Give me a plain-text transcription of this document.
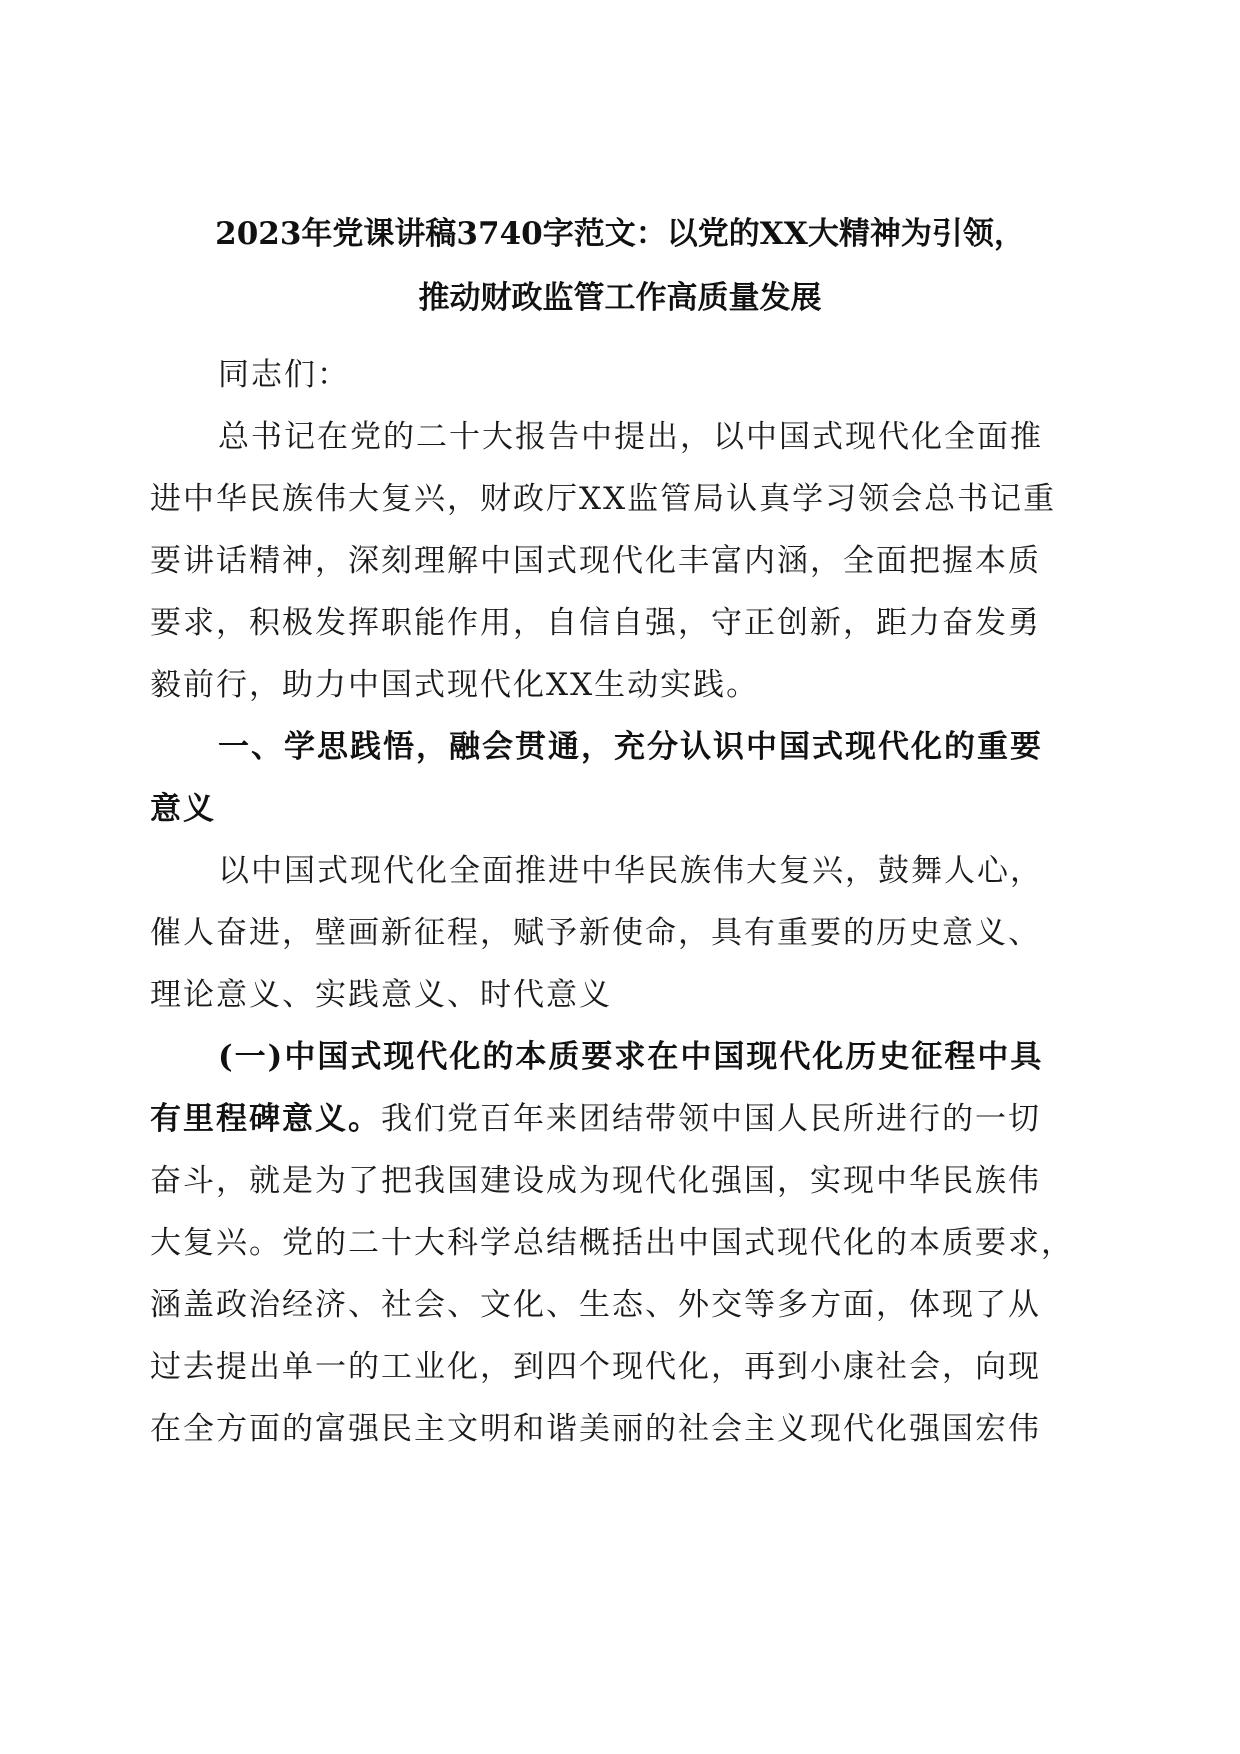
2023年党课讲稿3740字范文：以党的XX大精神为引领，
推动财政监管工作高质量发展
同志们：
总书记在党的二十大报告中提出，以中国式现代化全面推
进中华民族伟大复兴，财政厅XX监管局认真学习领会总书记重
要讲话精神，深刻理解中国式现代化丰富内涵，全面把握本质
要求，积极发挥职能作用，自信自强，守正创新，距力奋发勇
毅前行，助力中国式现代化XX生动实践。
一、学思践悟，融会贯通，充分认识中国式现代化的重要
意义
以中国式现代化全面推进中华民族伟大复兴，鼓舞人心，
催人奋进，壁画新征程，赋予新使命，具有重要的历史意义、
理论意义、实践意义、时代意义
(一)中国式现代化的本质要求在中国现代化历史征程中具
有里程碑意义。我们党百年来团结带领中国人民所进行的一切
奋斗，就是为了把我国建设成为现代化强国，实现中华民族伟
大复兴。党的二十大科学总结概括出中国式现代化的本质要求，
涵盖政治经济、社会、文化、生态、外交等多方面，体现了从
过去提出单一的工业化，到四个现代化，再到小康社会，向现
在全方面的富强民主文明和谐美丽的社会主义现代化强国宏伟
